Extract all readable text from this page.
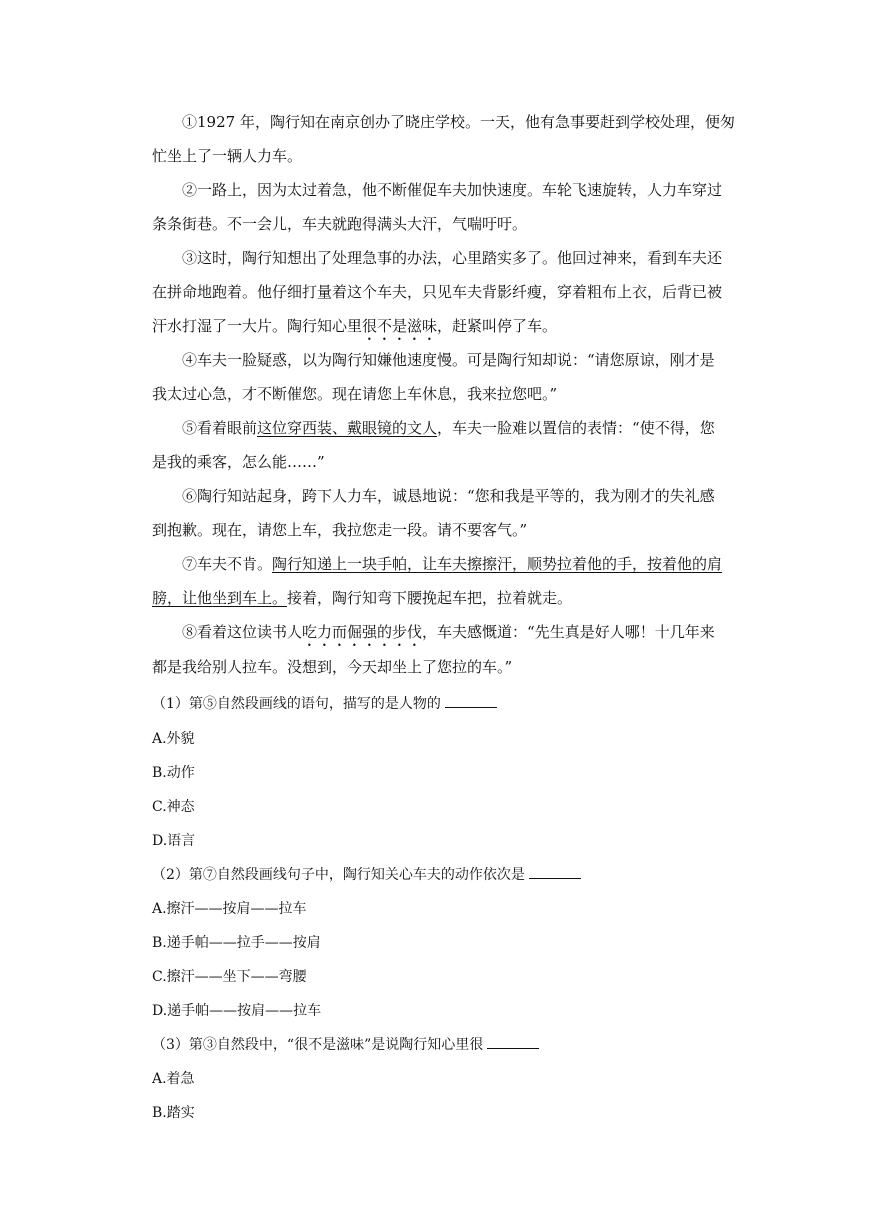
①1927 年，陶行知在南京创办了晓庄学校。一天，他有急事要赶到学校处理，便匆
忙坐上了一辆人力车。
②一路上，因为太过着急，他不断催促车夫加快速度。车轮飞速旋转，人力车穿过
条条街巷。不一会儿，车夫就跑得满头大汗，气喘吁吁。
③这时，陶行知想出了处理急事的办法，心里踏实多了。他回过神来，看到车夫还
在拼命地跑着。他仔细打量着这个车夫，只见车夫背影纤瘦，穿着粗布上衣，后背已被
汗水打湿了一大片。陶行知心里很不是滋味，赶紧叫停了车。
④车夫一脸疑惑，以为陶行知嫌他速度慢。可是陶行知却说：“请您原谅，刚才是
我太过心急，才不断催您。现在请您上车休息，我来拉您吧。”
⑤看着眼前这位穿西装、戴眼镜的文人，车夫一脸难以置信的表情：“使不得，您
是我的乘客，怎么能……”
⑥陶行知站起身，跨下人力车，诚恳地说：“您和我是平等的，我为刚才的失礼感
到抱歉。现在，请您上车，我拉您走一段。请不要客气。”
⑦车夫不肯。陶行知递上一块手帕，让车夫擦擦汗，顺势拉着他的手，按着他的肩
膀，让他坐到车上。接着，陶行知弯下腰挽起车把，拉着就走。
⑧看着这位读书人吃力而倔强的步伐，车夫感慨道：“先生真是好人哪！十几年来
都是我给别人拉车。没想到，今天却坐上了您拉的车。”
（1）第⑤自然段画线的语句，描写的是人物的
A.外貌
B.动作
C.神态
D.语言
（2）第⑦自然段画线句子中，陶行知关心车夫的动作依次是
A.擦汗——按肩——拉车
B.递手帕——拉手——按肩
C.擦汗——坐下——弯腰
D.递手帕——按肩——拉车
（3）第③自然段中，“很不是滋味”是说陶行知心里很
A.着急
B.踏实
